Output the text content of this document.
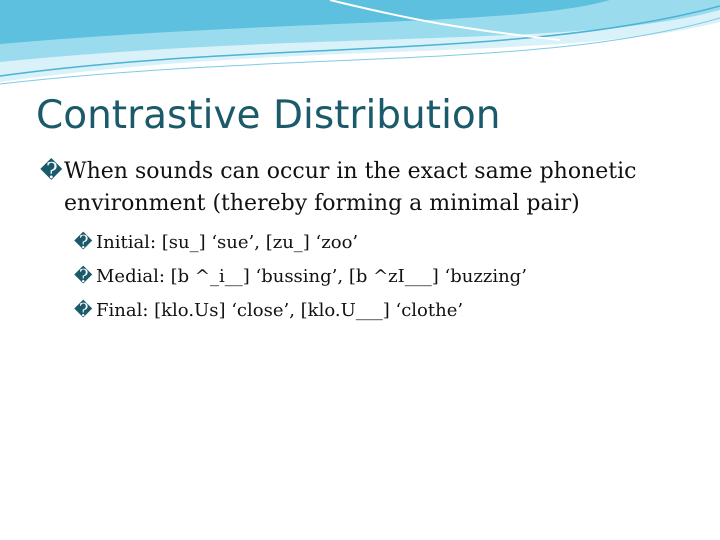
Contrastive Distribution

�When sounds can occur in the exact same phonetic environment (thereby forming a minimal pair)

� Initial: [su_] ‘sue’, [zu_] ‘zoo’

� Medial: [b ^_i__] ‘bussing’, [b ^zI___] ‘buzzing’

� Final: [klo.Us] ‘close’, [klo.U___] ‘clothe’
